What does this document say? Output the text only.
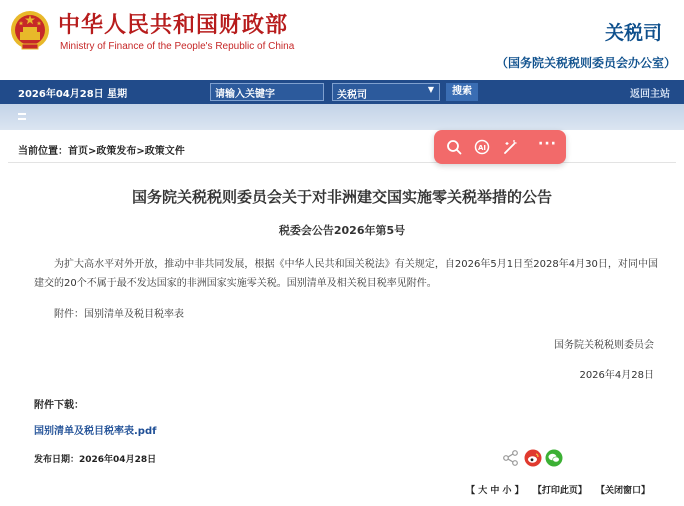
中华人民共和国财政部
Ministry of Finance of the People's Republic of China
关税司
（国务院关税税则委员会办公室）
2026年04月28日 星期
请输入关键字	关税司
▼	搜索	返回主站
当前位置：首页>政策发布>政策文件	AI	···
国务院关税税则委员会关于对非洲建交国实施零关税举措的公告
税委会公告2026年第5号
为扩大高水平对外开放，推动中非共同发展，根据《中华人民共和国关税法》有关规定，自2026年5月1日至2028年4月30日，对同中国建交的20个不属于最不发达国家的非洲国家实施零关税。国别清单及相关税目税率见附件。
附件：国别清单及税目税率表
国务院关税税则委员会
2026年4月28日
附件下载：
国别清单及税目税率表.pdf
发布日期：2026年04月28日
【 大 中 小 】 【打印此页】 【关闭窗口】
